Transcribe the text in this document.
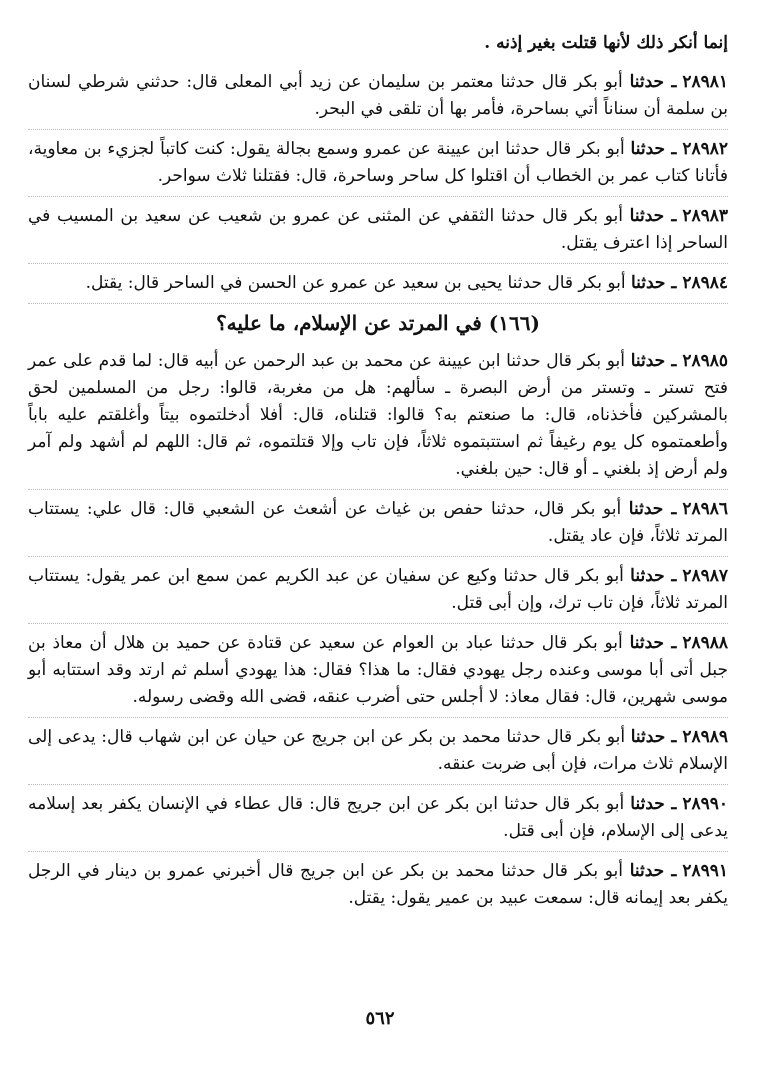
إنما أنكر ذلك لأنها قتلت بغير إذنه .

٢٨٩٨١ـ حدثنا أبو بكر قال حدثنا معتمر بن سليمان عن زيد أبي المعلى قال: حدثني شرطي لسنان بن سلمة أن سناناً أتي بساحرة، فأمر بها أن تلقى في البحر.

٢٨٩٨٢ـ حدثنا أبو بكر قال حدثنا ابن عيينة عن عمرو وسمع بجالة يقول: كنت كاتباً لجزيء بن معاوية، فأتانا كتاب عمر بن الخطاب أن اقتلوا كل ساحر وساحرة، قال: فقتلنا ثلاث سواحر.

٢٨٩٨٣ـ حدثنا أبو بكر قال حدثنا الثقفي عن المثنى عن عمرو بن شعيب عن سعيد بن المسيب في الساحر إذا اعترف يقتل.

٢٨٩٨٤ـ حدثنا أبو بكر قال حدثنا يحيى بن سعيد عن عمرو عن الحسن في الساحر قال: يقتل.

(١٦٦) في المرتد عن الإسلام، ما عليه؟

٢٨٩٨٥ـ حدثنا أبو بكر قال حدثنا ابن عيينة عن محمد بن عبد الرحمن عن أبيه قال: لما قدم على عمر فتح تستر ـ وتستر من أرض البصرة ـ سألهم: هل من مغربة، قالوا: رجل من المسلمين لحق بالمشركين فأخذناه، قال: ما صنعتم به؟ قالوا: قتلناه، قال: أفلا أدخلتموه بيتاً وأغلقتم عليه باباً وأطعمتموه كل يوم رغيفاً ثم استتبتموه ثلاثاً، فإن تاب وإلا قتلتموه، ثم قال: اللهم لم أشهد ولم آمر ولم أرض إذ بلغني ـ أو قال: حين بلغني.

٢٨٩٨٦ـ حدثنا أبو بكر قال، حدثنا حفص بن غياث عن أشعث عن الشعبي قال: قال علي: يستتاب المرتد ثلاثاً، فإن عاد يقتل.

٢٨٩٨٧ـ حدثنا أبو بكر قال حدثنا وكيع عن سفيان عن عبد الكريم عمن سمع ابن عمر يقول: يستتاب المرتد ثلاثاً، فإن تاب ترك، وإن أبى قتل.

٢٨٩٨٨ـ حدثنا أبو بكر قال حدثنا عباد بن العوام عن سعيد عن قتادة عن حميد بن هلال أن معاذ بن جبل أتى أبا موسى وعنده رجل يهودي فقال: ما هذا؟ فقال: هذا يهودي أسلم ثم ارتد وقد استتابه أبو موسى شهرين، قال: فقال معاذ: لا أجلس حتى أضرب عنقه، قضى الله وقضى رسوله.

٢٨٩٨٩ـ حدثنا أبو بكر قال حدثنا محمد بن بكر عن ابن جريج عن حيان عن ابن شهاب قال: يدعى إلى الإسلام ثلاث مرات، فإن أبى ضربت عنقه.

٢٨٩٩٠ـ حدثنا أبو بكر قال حدثنا ابن بكر عن ابن جريج قال: قال عطاء في الإنسان يكفر بعد إسلامه يدعى إلى الإسلام، فإن أبى قتل.

٢٨٩٩١ـ حدثنا أبو بكر قال حدثنا محمد بن بكر عن ابن جريج قال أخبرني عمرو بن دينار في الرجل يكفر بعد إيمانه قال: سمعت عبيد بن عمير يقول: يقتل.

٥٦٢
